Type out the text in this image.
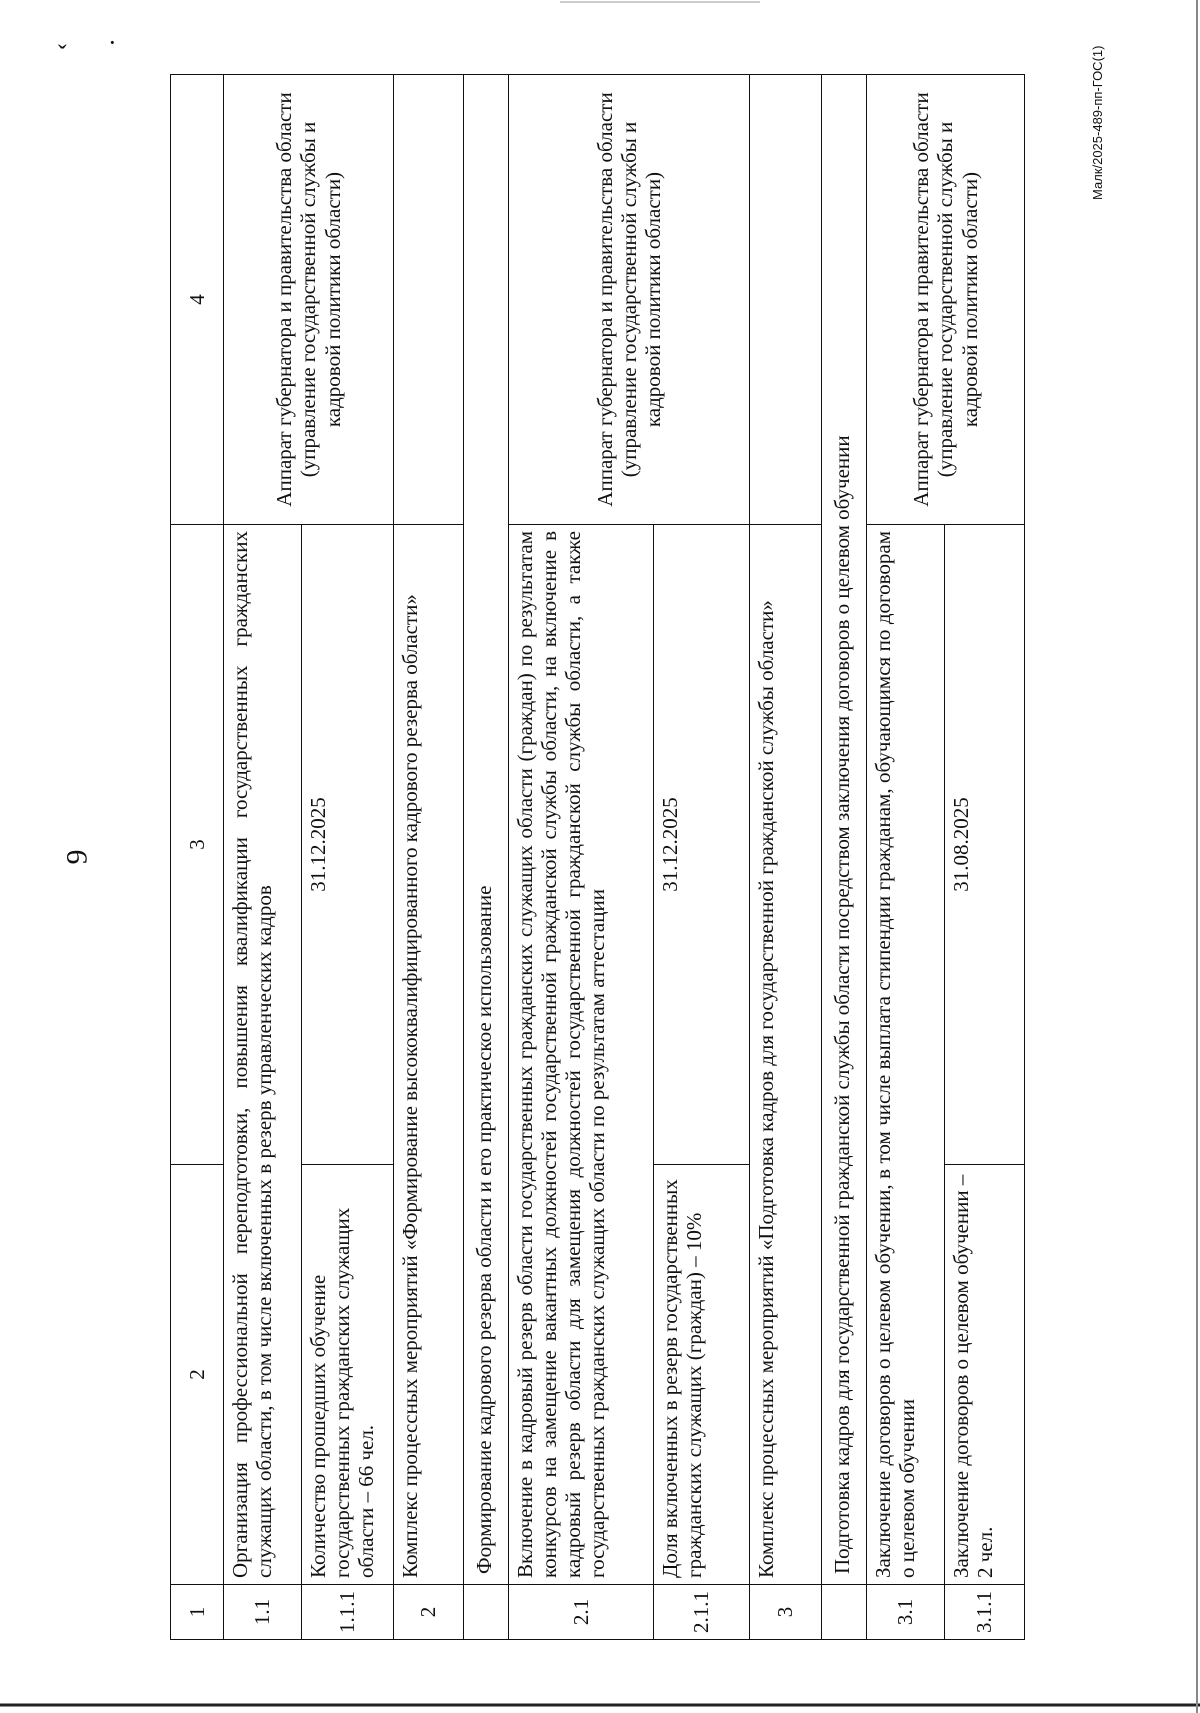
ˇ ·
9
Малк/2025-489-пп-ГОС(1)
1	2	3	4
1.1	Организация профессиональной переподготовки, повышения квалификации государственных гражданских служащих области, в том числе включенных в резерв управленческих кадров		Аппарат губернатора и правительства области (управление государственной службы и кадровой политики области)
1.1.1	Количество прошедших обучение государственных гражданских служащих области – 66 чел.	31.12.2025	
2	Комплекс процессных мероприятий «Формирование высококвалифицированного кадрового резерва области»		
	Формирование кадрового резерва области и его практическое использование		
2.1	Включение в кадровый резерв области государственных гражданских служащих области (граждан) по результатам конкурсов на замещение вакантных должностей государственной гражданской службы области, на включение в кадровый резерв области для замещения должностей государственной гражданской службы области, а также государственных гражданских служащих области по результатам аттестации		Аппарат губернатора и правительства области (управление государственной службы и кадровой политики области)
2.1.1	Доля включенных в резерв государственных гражданских служащих (граждан) – 10%	31.12.2025	
3	Комплекс процессных мероприятий «Подготовка кадров для государственной гражданской службы области»		
	Подготовка кадров для государственной гражданской службы области посредством заключения договоров о целевом обучении		
3.1	Заключение договоров о целевом обучении, в том числе выплата стипендии гражданам, обучающимся по договорам о целевом обучении		Аппарат губернатора и правительства области (управление государственной службы и кадровой политики области)
3.1.1	Заключение договоров о целевом обучении – 2 чел.	31.08.2025	
